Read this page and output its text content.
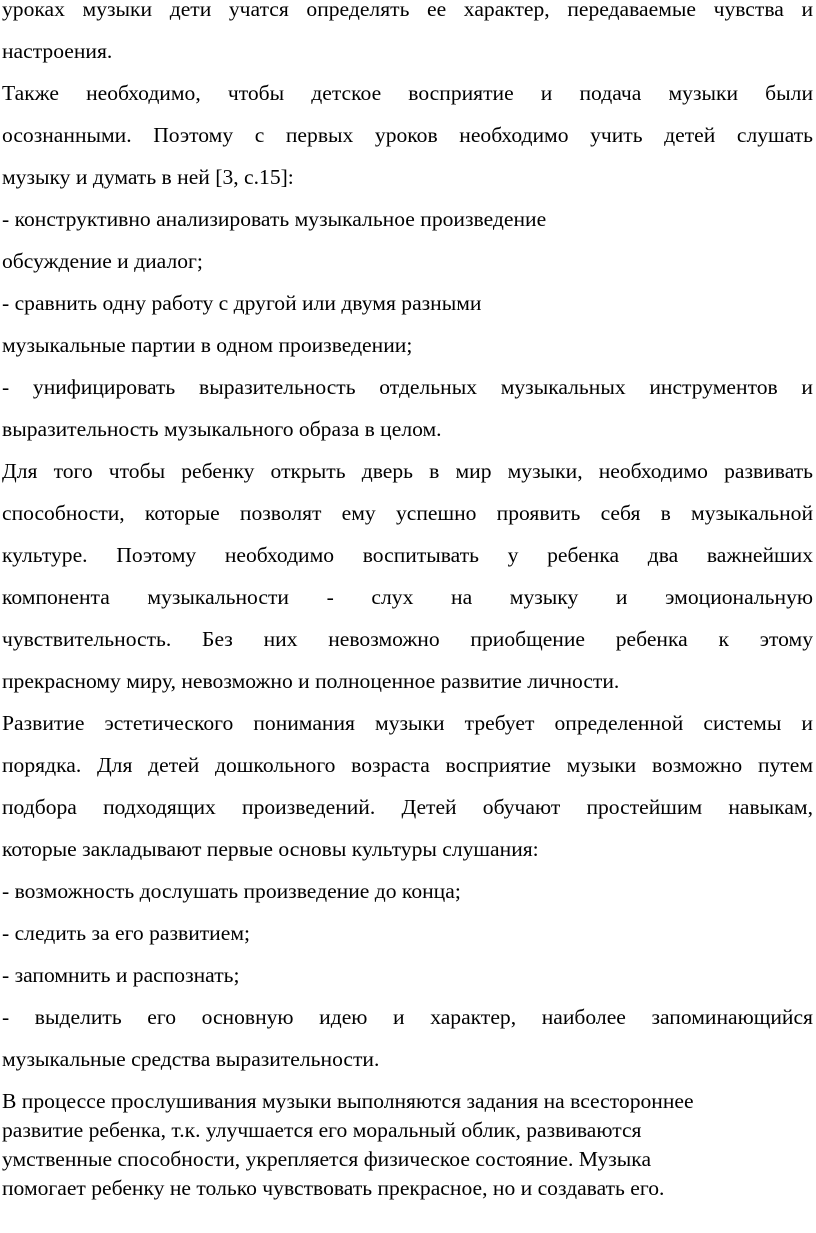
уроках музыки дети учатся определять ее характер, передаваемые чувства и
настроения.

Также необходимо, чтобы детское восприятие и подача музыки были
осознанными. Поэтому с первых уроков необходимо учить детей слушать
музыку и думать в ней [3, с.15]:
- конструктивно анализировать музыкальное произведение
обсуждение и диалог;
- сравнить одну работу с другой или двумя разными
музыкальные партии в одном произведении;
- унифицировать выразительность отдельных музыкальных инструментов и
выразительность музыкального образа в целом.

Для того чтобы ребенку открыть дверь в мир музыки, необходимо развивать
способности, которые позволят ему успешно проявить себя в музыкальной
культуре. Поэтому необходимо воспитывать у ребенка два важнейших
компонента музыкальности - слух на музыку и эмоциональную
чувствительность. Без них невозможно приобщение ребенка к этому
прекрасному миру, невозможно и полноценное развитие личности.

Развитие эстетического понимания музыки требует определенной системы и
порядка. Для детей дошкольного возраста восприятие музыки возможно путем
подбора подходящих произведений. Детей обучают простейшим навыкам,
которые закладывают первые основы культуры слушания:
- возможность дослушать произведение до конца;
- следить за его развитием;
- запомнить и распознать;
- выделить его основную идею и характер, наиболее запоминающийся
музыкальные средства выразительности.

В процессе прослушивания музыки выполняются задания на всестороннее
развитие ребенка, т.к. улучшается его моральный облик, развиваются
умственные способности, укрепляется физическое состояние. Музыка
помогает ребенку не только чувствовать прекрасное, но и создавать его.
